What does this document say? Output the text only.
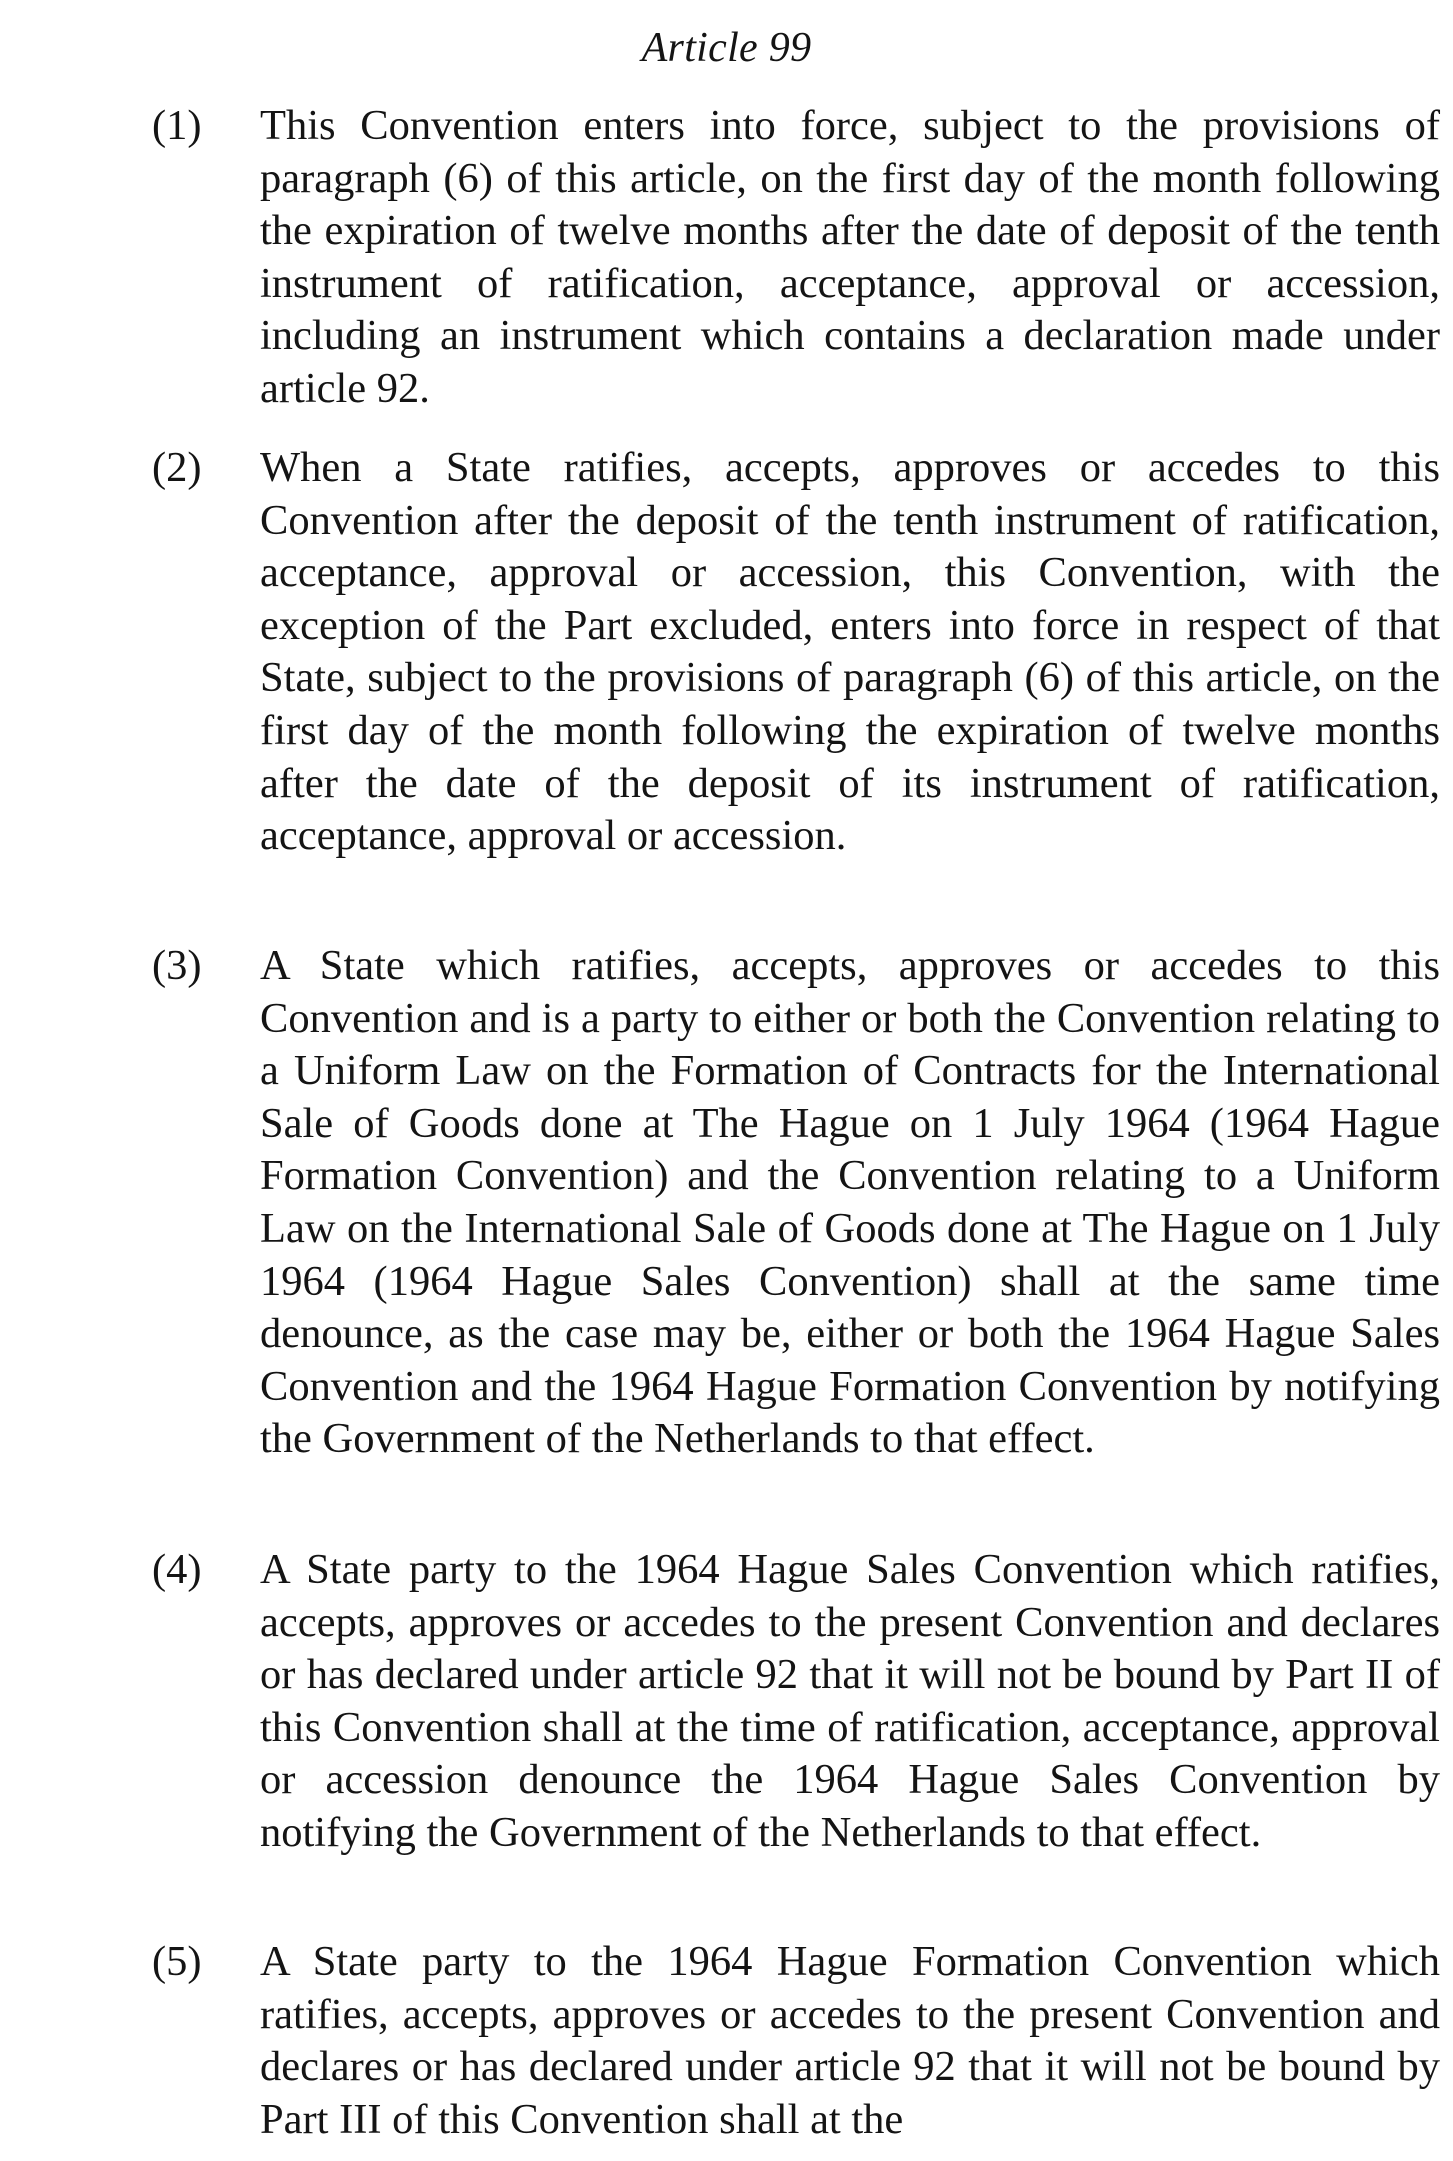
Article 99
(1)	This Convention enters into force, subject to the provisions of paragraph (6) of this article, on the first day of the month following the expiration of twelve months after the date of deposit of the tenth instrument of ratification, acceptance, approval or accession, including an instrument which contains a declaration made under article 92.
(2)	When a State ratifies, accepts, approves or accedes to this Convention after the deposit of the tenth instrument of ratification, acceptance, approval or accession, this Convention, with the exception of the Part excluded, enters into force in respect of that State, subject to the provisions of paragraph (6) of this article, on the first day of the month following the expiration of twelve months after the date of the deposit of its instrument of ratification, acceptance, approval or accession.
(3)	A State which ratifies, accepts, approves or accedes to this Convention and is a party to either or both the Convention relating to a Uniform Law on the Formation of Contracts for the International Sale of Goods done at The Hague on 1 July 1964 (1964 Hague Formation Convention) and the Convention relating to a Uniform Law on the International Sale of Goods done at The Hague on 1 July 1964 (1964 Hague Sales Convention) shall at the same time denounce, as the case may be, either or both the 1964 Hague Sales Convention and the 1964 Hague Formation Convention by notifying the Government of the Netherlands to that effect.
(4)	A State party to the 1964 Hague Sales Convention which ratifies, accepts, approves or accedes to the present Convention and declares or has declared under article 92 that it will not be bound by Part II of this Convention shall at the time of ratification, acceptance, approval or accession denounce the 1964 Hague Sales Convention by notifying the Government of the Netherlands to that effect.
(5)	A State party to the 1964 Hague Formation Convention which ratifies, accepts, approves or accedes to the present Convention and declares or has declared under article 92 that it will not be bound by Part III of this Convention shall at the
